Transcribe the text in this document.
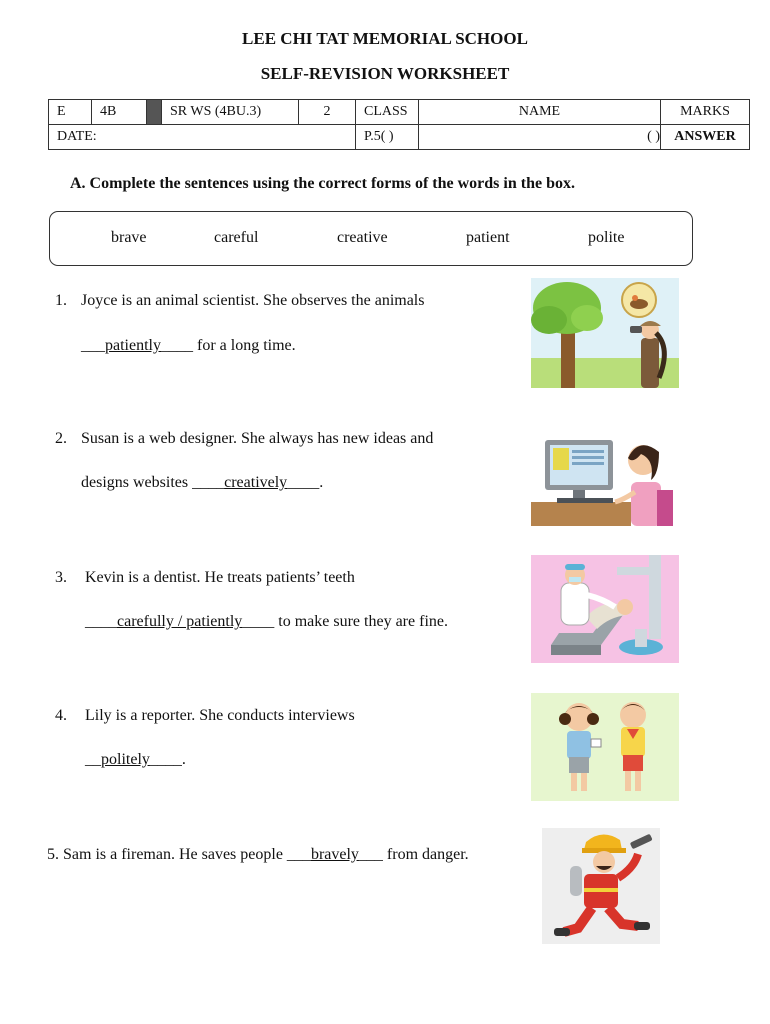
LEE CHI TAT MEMORIAL SCHOOL
SELF-REVISION WORKSHEET
E	4B		SR WS (4BU.3)	2	CLASS	NAME	MARKS
DATE:					P.5( )	( )	ANSWER
A. Complete the sentences using the correct forms of the words in the box.
brave	careful	creative	patient	polite
1. Joyce is an animal scientist. She observes the animals
___patiently____ for a long time.
2. Susan is a web designer. She always has new ideas and
designs websites ____creatively____.
3. Kevin is a dentist. He treats patients’ teeth
____carefully / patiently____ to make sure they are fine.
4. Lily is a reporter. She conducts interviews
__politely____.
5. Sam is a fireman. He saves people ___bravely___ from danger.
